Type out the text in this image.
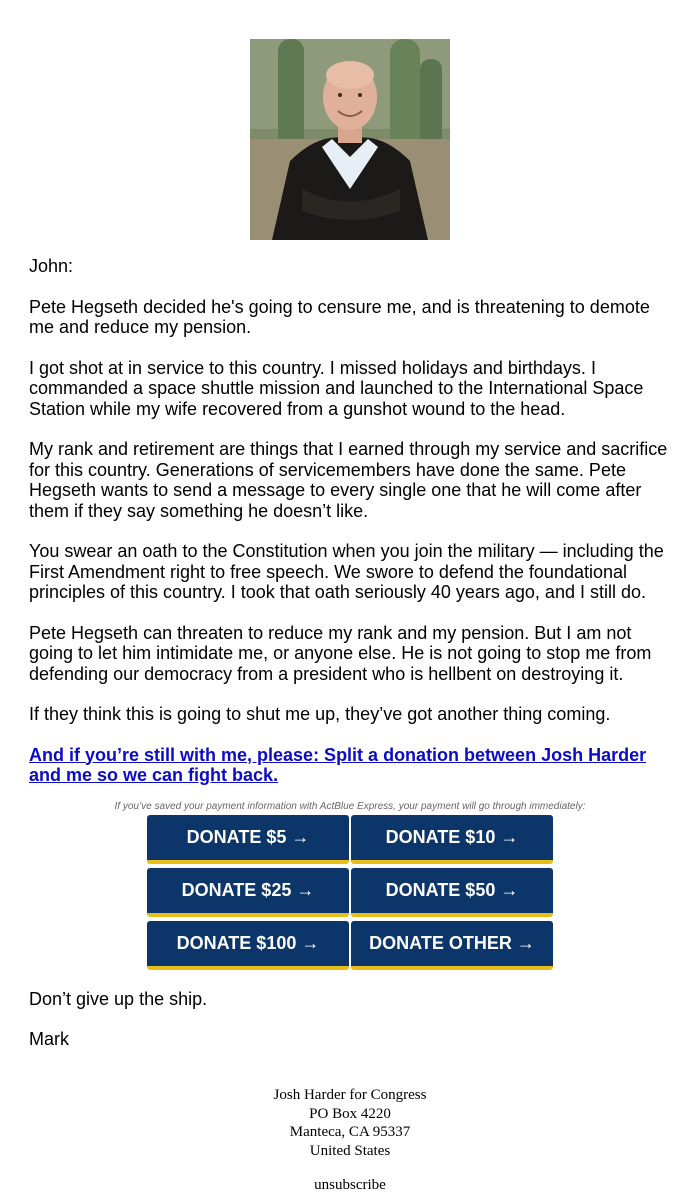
John:

Pete Hegseth decided he's going to censure me, and is threatening to demote me and reduce my pension.

I got shot at in service to this country. I missed holidays and birthdays. I commanded a space shuttle mission and launched to the International Space Station while my wife recovered from a gunshot wound to the head.

My rank and retirement are things that I earned through my service and sacrifice for this country. Generations of servicemembers have done the same. Pete Hegseth wants to send a message to every single one that he will come after them if they say something he doesn’t like.

You swear an oath to the Constitution when you join the military — including the First Amendment right to free speech. We swore to defend the foundational principles of this country. I took that oath seriously 40 years ago, and I still do.

Pete Hegseth can threaten to reduce my rank and my pension. But I am not going to let him intimidate me, or anyone else. He is not going to stop me from defending our democracy from a president who is hellbent on destroying it.

If they think this is going to shut me up, they’ve got another thing coming.

And if you’re still with me, please: Split a donation between Josh Harder and me so we can fight back.
If you’ve saved your payment information with ActBlue Express, your payment will go through immediately:
DONATE $5 →	DONATE $10 →
DONATE $25 →	DONATE $50 →
DONATE $100 →	DONATE OTHER →

Don’t give up the ship.

Mark

Josh Harder for Congress
PO Box 4220
Manteca, CA 95337
United States
unsubscribe
